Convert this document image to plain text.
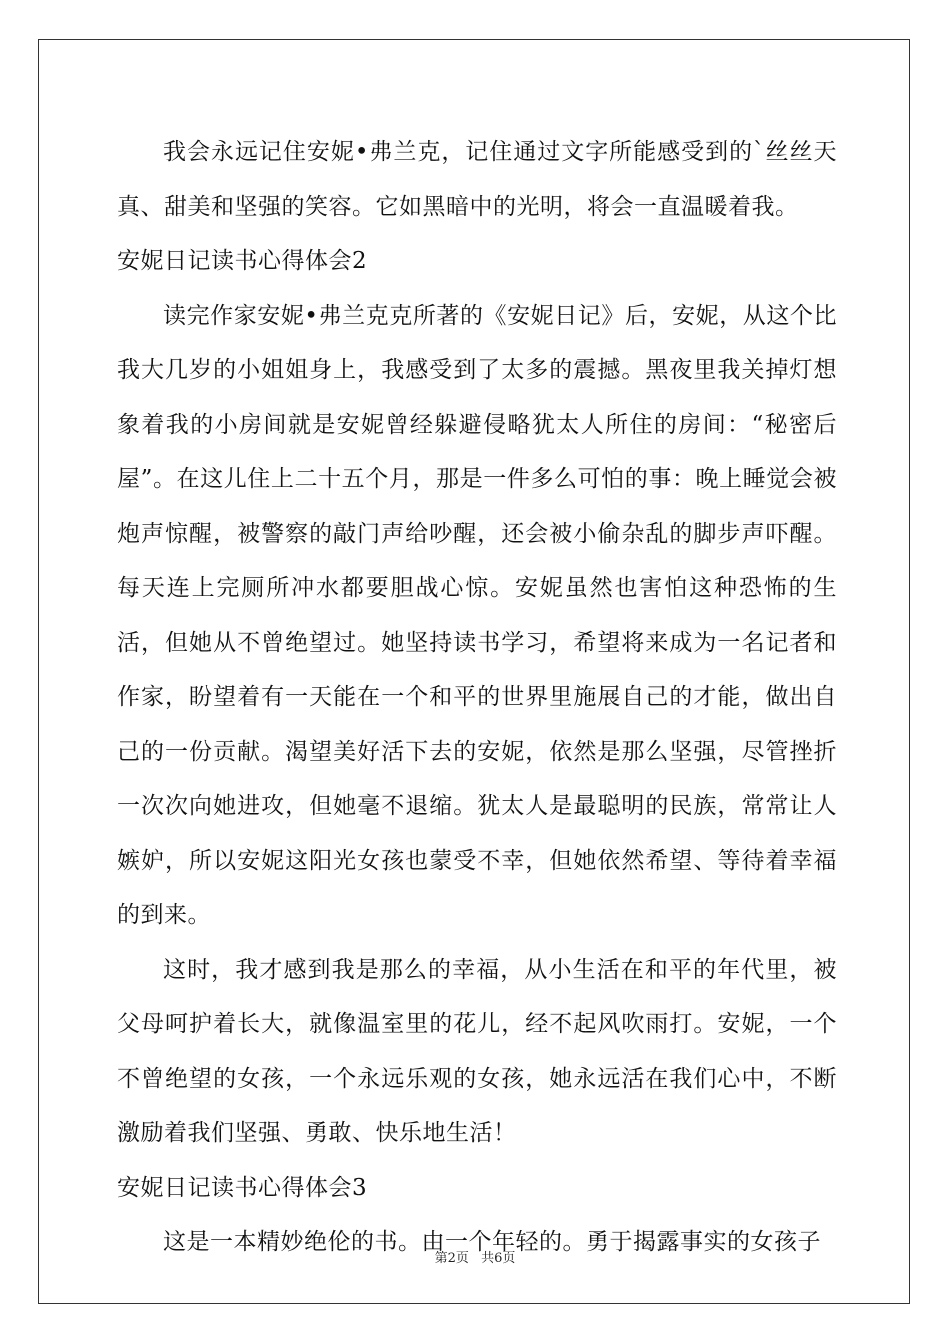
我会永远记住安妮•弗兰克，记住通过文字所能感受到的`丝丝天真、甜美和坚强的笑容。它如黑暗中的光明，将会一直温暖着我。

安妮日记读书心得体会2

读完作家安妮•弗兰克克所著的《安妮日记》后，安妮，从这个比我大几岁的小姐姐身上，我感受到了太多的震撼。黑夜里我关掉灯想象着我的小房间就是安妮曾经躲避侵略犹太人所住的房间：“秘密后屋”。在这儿住上二十五个月，那是一件多么可怕的事：晚上睡觉会被炮声惊醒，被警察的敲门声给吵醒，还会被小偷杂乱的脚步声吓醒。每天连上完厕所冲水都要胆战心惊。安妮虽然也害怕这种恐怖的生活，但她从不曾绝望过。她坚持读书学习，希望将来成为一名记者和作家，盼望着有一天能在一个和平的世界里施展自己的才能，做出自己的一份贡献。渴望美好活下去的安妮，依然是那么坚强，尽管挫折一次次向她进攻，但她毫不退缩。犹太人是最聪明的民族，常常让人嫉妒，所以安妮这阳光女孩也蒙受不幸，但她依然希望、等待着幸福的到来。

这时，我才感到我是那么的幸福，从小生活在和平的年代里，被父母呵护着长大，就像温室里的花儿，经不起风吹雨打。安妮，一个不曾绝望的女孩，一个永远乐观的女孩，她永远活在我们心中，不断激励着我们坚强、勇敢、快乐地生活！

安妮日记读书心得体会3

这是一本精妙绝伦的书。由一个年轻的。勇于揭露事实的女孩子

第2页 共6页
